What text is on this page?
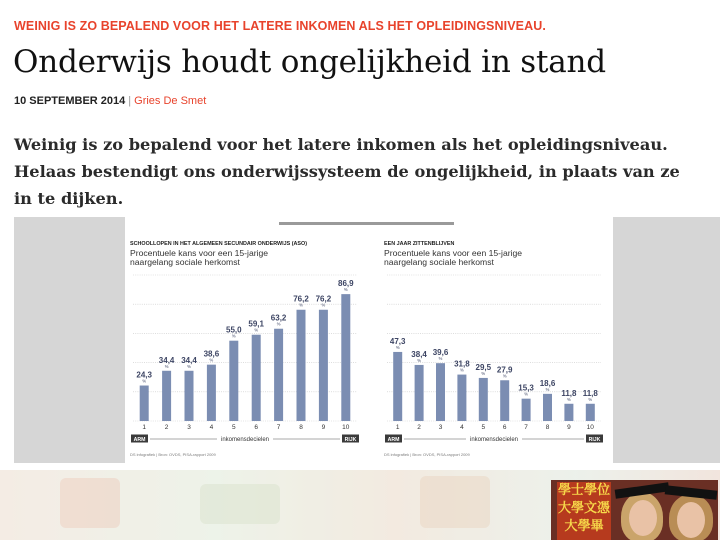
WEINIG IS ZO BEPALEND VOOR HET LATERE INKOMEN ALS HET OPLEIDINGSNIVEAU.
Onderwijs houdt ongelijkheid in stand
10 SEPTEMBER 2014 | Gries De Smet
Weinig is zo bepalend voor het latere inkomen als het opleidingsniveau. Helaas bestendigt ons onderwijssysteem de ongelijkheid, in plaats van ze in te dijken.
SCHOOLLOPEN IN HET ALGEMEEN SECUNDAIR ONDERWIJS (ASO)
Procentuele kans voor een 15-jarige
naargelang sociale herkomst
24,3
%
1
34,4
%
2
34,4
%
3
38,6
%
4
55,0
%
5
59,1
%
6
63,2
%
7
76,2
%
8
76,2
%
9
86,9
%
10
ARM	RIJK
inkomensdecielen
DS infografiek | Bron: OVDS, PISA-rapport 2009
EEN JAAR ZITTENBLIJVEN
Procentuele kans voor een 15-jarige
naargelang sociale herkomst
47,3
%
1
38,4
%
2
39,6
%
3
31,8
%
4
29,5
%
5
27,9
%
6
15,3
%
7
18,6
%
8
11,8
%
9
11,8
%
10
ARM	RIJK
inkomensdecielen
DS infografiek | Bron: OVDS, PISA-rapport 2009
學士學位
大學文憑
大學畢
